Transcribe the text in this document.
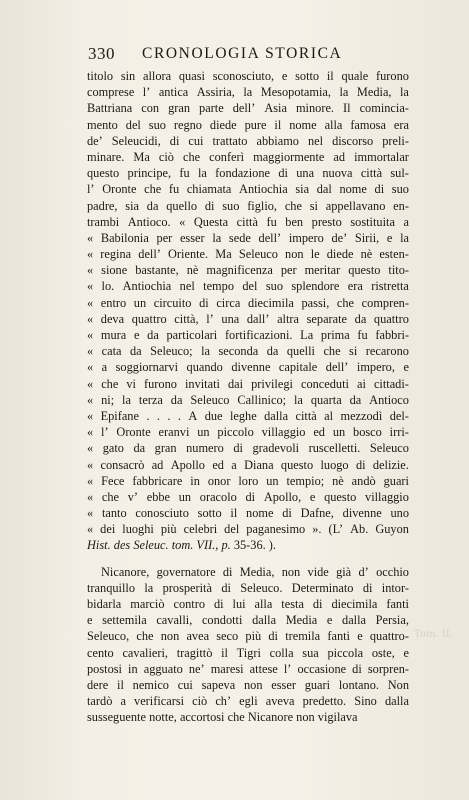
330 CRONOLOGIA STORICA
titolo sin allora quasi sconosciuto, e sotto il quale furono
comprese l’ antica Assiria, la Mesopotamia, la Media, la
Battriana con gran parte dell’ Asia minore. Il comincia-
mento del suo regno diede pure il nome alla famosa era
de’ Seleucidi, di cui trattato abbiamo nel discorso preli-
minare. Ma ciò che conferì maggiormente ad immortalar
questo principe, fu la fondazione di una nuova città sul-
l’ Oronte che fu chiamata Antiochia sia dal nome di suo
padre, sia da quello di suo figlio, che si appellavano en-
trambi Antioco. « Questa città fu ben presto sostituita a
« Babilonia per esser la sede dell’ impero de’ Sirii, e la
« regina dell’ Oriente. Ma Seleuco non le diede nè esten-
« sione bastante, nè magnificenza per meritar questo tito-
« lo. Antiochia nel tempo del suo splendore era ristretta
« entro un circuito di circa diecimila passi, che compren-
« deva quattro città, l’ una dall’ altra separate da quattro
« mura e da particolari fortificazioni. La prima fu fabbri-
« cata da Seleuco; la seconda da quelli che si recarono
« a soggiornarvi quando divenne capitale dell’ impero, e
« che vi furono invitati dai privilegi conceduti ai cittadi-
« ni; la terza da Seleuco Callinico; la quarta da Antioco
« Epifane . . . . A due leghe dalla città al mezzodì del-
« l’ Oronte eranvi un piccolo villaggio ed un bosco irri-
« gato da gran numero di gradevoli ruscelletti. Seleuco
« consacrò ad Apollo ed a Diana questo luogo di delizie.
« Fece fabbricare in onor loro un tempio; nè andò guari
« che v’ ebbe un oracolo di Apollo, e questo villaggio
« tanto conosciuto sotto il nome di Dafne, divenne uno
« dei luoghi più celebri del paganesimo ». (L’ Ab. Guyon
Hist.
des
Seleuc.
tom.
VII.,
p.
35-36.
).
Nicanore, governatore di Media, non vide già d’ occhio
tranquillo la prosperità di Seleuco. Determinato di intor-
bidarla marciò contro di lui alla testa di diecimila fanti
e settemila cavalli, condotti dalla Media e dalla Persia,
Seleuco, che non avea seco più di tremila fanti e quattro-
cento cavalieri, tragittò il Tigri colla sua piccola oste, e
postosi in agguato ne’ maresi attese l’ occasione di sorpren-
dere il nemico cui sapeva non esser guari lontano. Non
tardò a verificarsi ciò ch’ egli aveva predetto. Sino dalla
susseguente
notte,
accortosi
che
Nicanore
non
vigilava
Tom. II.
